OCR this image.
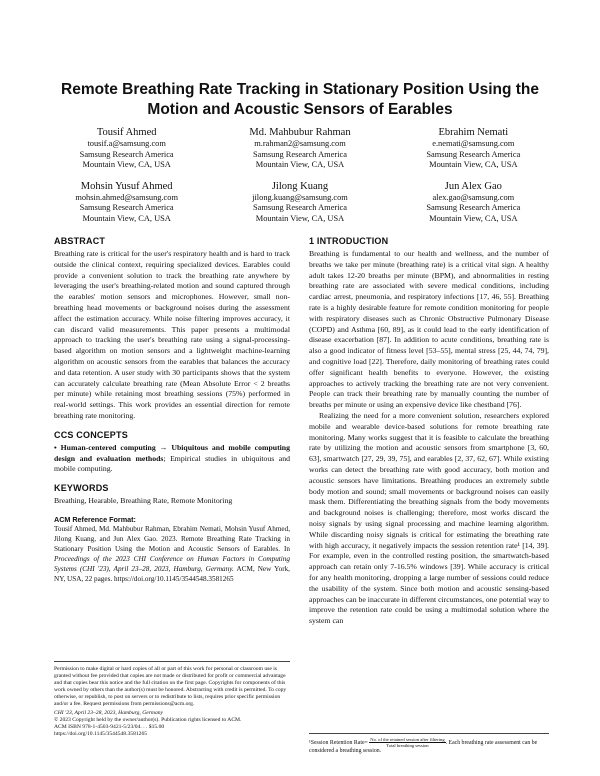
Remote Breathing Rate Tracking in Stationary Position Using the Motion and Acoustic Sensors of Earables
Tousif Ahmed
tousif.a@samsung.com
Samsung Research America
Mountain View, CA, USA
Md. Mahbubur Rahman
m.rahman2@samsung.com
Samsung Research America
Mountain View, CA, USA
Ebrahim Nemati
e.nemati@samsung.com
Samsung Research America
Mountain View, CA, USA
Mohsin Yusuf Ahmed
mohsin.ahmed@samsung.com
Samsung Research America
Mountain View, CA, USA
Jilong Kuang
jilong.kuang@samsung.com
Samsung Research America
Mountain View, CA, USA
Jun Alex Gao
alex.gao@samsung.com
Samsung Research America
Mountain View, CA, USA
ABSTRACT

Breathing rate is critical for the user's respiratory health and is hard to track outside the clinical context, requiring specialized devices. Earables could provide a convenient solution to track the breathing rate anywhere by leveraging the user's breathing-related motion and sound captured through the earables' motion sensors and microphones. However, small non-breathing head movements or background noises during the assessment affect the estimation accuracy. While noise filtering improves accuracy, it can discard valid measurements. This paper presents a multimodal approach to tracking the user's breathing rate using a signal-processing-based algorithm on motion sensors and a lightweight machine-learning algorithm on acoustic sensors from the earables that balances the accuracy and data retention. A user study with 30 participants shows that the system can accurately calculate breathing rate (Mean Absolute Error < 2 breaths per minute) while retaining most breathing sessions (75%) performed in real-world settings. This work provides an essential direction for remote breathing rate monitoring.

CCS CONCEPTS

• Human-centered computing → Ubiquitous and mobile computing design and evaluation methods; Empirical studies in ubiquitous and mobile computing.

KEYWORDS

Breathing, Hearable, Breathing Rate, Remote Monitoring

ACM Reference Format:

Tousif Ahmed, Md. Mahbubur Rahman, Ebrahim Nemati, Mohsin Yusuf Ahmed, Jilong Kuang, and Jun Alex Gao. 2023. Remote Breathing Rate Tracking in Stationary Position Using the Motion and Acoustic Sensors of Earables. In Proceedings of the 2023 CHI Conference on Human Factors in Computing Systems (CHI '23), April 23–28, 2023, Hamburg, Germany. ACM, New York, NY, USA, 22 pages. https://doi.org/10.1145/3544548.3581265

Permission to make digital or hard copies of all or part of this work for personal or classroom use is granted without fee provided that copies are not made or distributed for profit or commercial advantage and that copies bear this notice and the full citation on the first page. Copyrights for components of this work owned by others than the author(s) must be honored. Abstracting with credit is permitted. To copy otherwise, or republish, to post on servers or to redistribute to lists, requires prior specific permission and/or a fee. Request permissions from permissions@acm.org.

CHI '23, April 23–28, 2023, Hamburg, Germany

© 2023 Copyright held by the owner/author(s). Publication rights licensed to ACM.

ACM ISBN 978-1-4503-9421-5/23/04. . . $15.00

https://doi.org/10.1145/3544548.3581265

1 INTRODUCTION

Breathing is fundamental to our health and wellness, and the number of breaths we take per minute (breathing rate) is a critical vital sign. A healthy adult takes 12-20 breaths per minute (BPM), and abnormalities in resting breathing rate are associated with severe medical conditions, including cardiac arrest, pneumonia, and respiratory infections [17, 46, 55]. Breathing rate is a highly desirable feature for remote condition monitoring for people with respiratory diseases such as Chronic Obstructive Pulmonary Disease (COPD) and Asthma [60, 89], as it could lead to the early identification of disease exacerbation [87]. In addition to acute conditions, breathing rate is also a good indicator of fitness level [53–55], mental stress [25, 44, 74, 79], and cognitive load [22]. Therefore, daily monitoring of breathing rates could offer significant health benefits to everyone. However, the existing approaches to actively tracking the breathing rate are not very convenient. People can track their breathing rate by manually counting the number of breaths per minute or using an expensive device like chestband [76].

Realizing the need for a more convenient solution, researchers explored mobile and wearable device-based solutions for remote breathing rate monitoring. Many works suggest that it is feasible to calculate the breathing rate by utilizing the motion and acoustic sensors from smartphone [3, 60, 63], smartwatch [27, 29, 39, 75], and earables [2, 37, 62, 67]. While existing works can detect the breathing rate with good accuracy, both motion and acoustic sensors have limitations. Breathing produces an extremely subtle body motion and sound; small movements or background noises can easily mask them. Differentiating the breathing signals from the body movements and background noises is challenging; therefore, most works discard the noisy signals by using signal processing and machine learning algorithm. While discarding noisy signals is critical for estimating the breathing rate with high accuracy, it negatively impacts the session retention rate¹ [14, 39]. For example, even in the controlled resting position, the smartwatch-based approach can retain only 7-16.5% windows [39]. While accuracy is critical for any health monitoring, dropping a large number of sessions could reduce the usability of the system. Since both motion and acoustic sensing-based approaches can be inaccurate in different circumstances, one potential way to improve the retention rate could be using a multimodal solution where the system can

¹Session Retention Rate= $\frac{\text{No. of the retained session after filtering}}{\text{Total breathing session}}$ . Each breathing rate assessment can be considered a breathing session.
